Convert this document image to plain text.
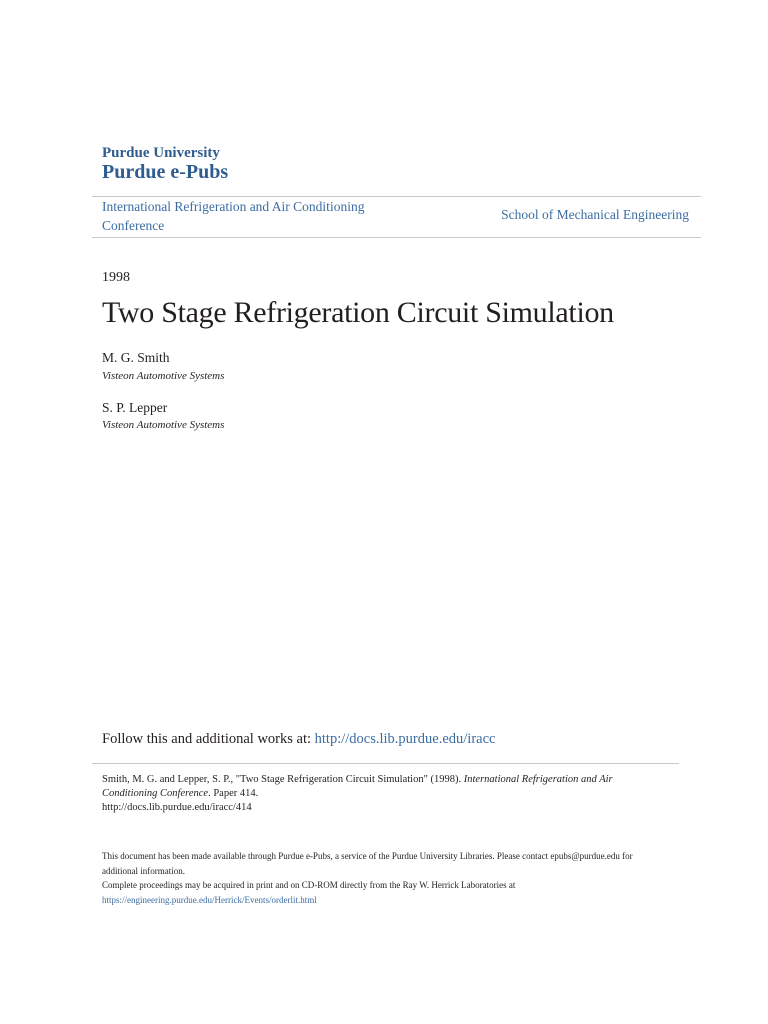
Purdue University
Purdue e-Pubs
International Refrigeration and Air Conditioning Conference
School of Mechanical Engineering
1998
Two Stage Refrigeration Circuit Simulation
M. G. Smith
Visteon Automotive Systems
S. P. Lepper
Visteon Automotive Systems
Follow this and additional works at: http://docs.lib.purdue.edu/iracc
Smith, M. G. and Lepper, S. P., "Two Stage Refrigeration Circuit Simulation" (1998). International Refrigeration and Air Conditioning Conference. Paper 414.
http://docs.lib.purdue.edu/iracc/414

This document has been made available through Purdue e-Pubs, a service of the Purdue University Libraries. Please contact epubs@purdue.edu for additional information.

Complete proceedings may be acquired in print and on CD-ROM directly from the Ray W. Herrick Laboratories at https://engineering.purdue.edu/Herrick/Events/orderlit.html
